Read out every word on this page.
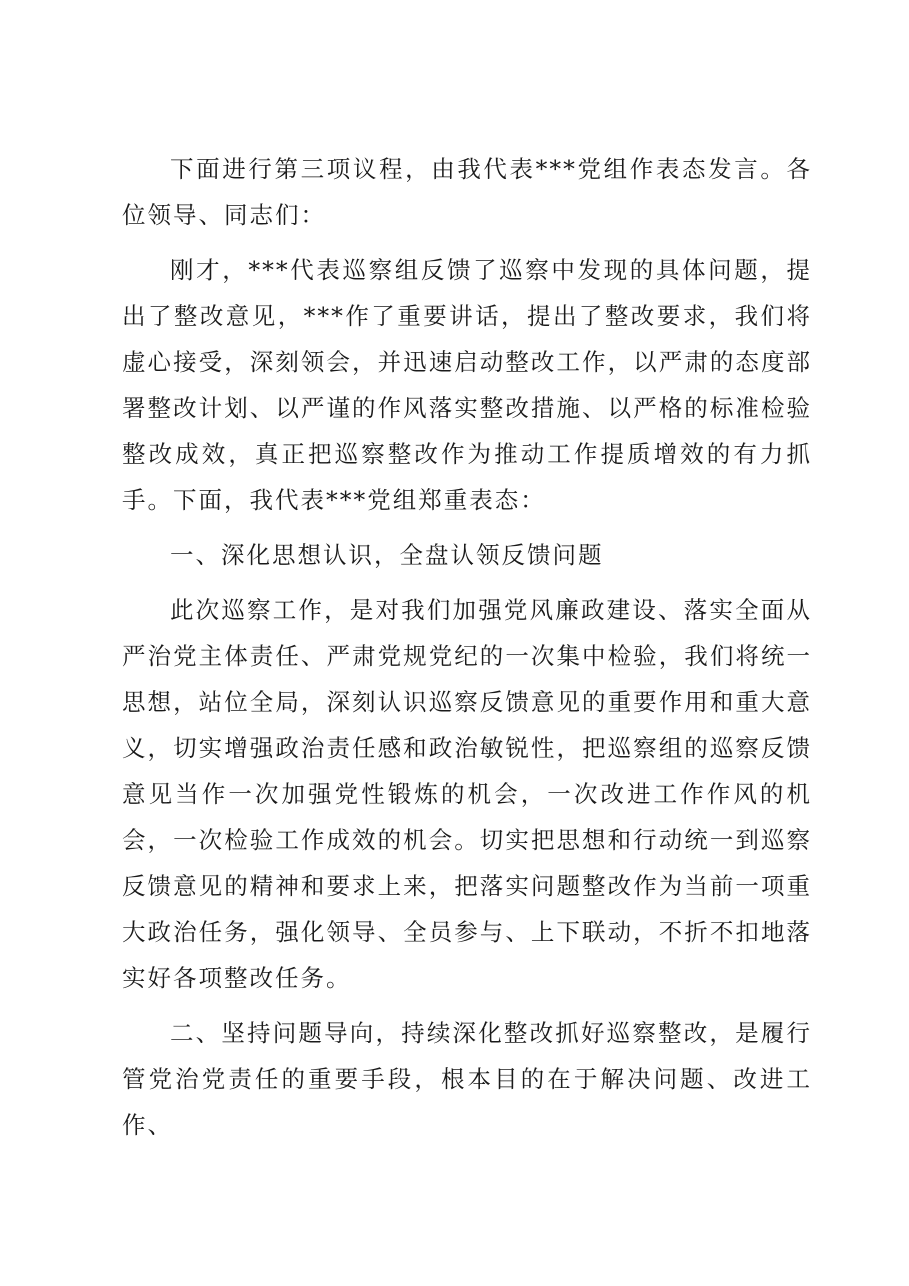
下面进行第三项议程，由我代表***党组作表态发言。各位领导、同志们：

刚才，***代表巡察组反馈了巡察中发现的具体问题，提出了整改意见，***作了重要讲话，提出了整改要求，我们将虚心接受，深刻领会，并迅速启动整改工作，以严肃的态度部署整改计划、以严谨的作风落实整改措施、以严格的标准检验整改成效，真正把巡察整改作为推动工作提质增效的有力抓手。下面，我代表***党组郑重表态：

一、深化思想认识，全盘认领反馈问题

此次巡察工作，是对我们加强党风廉政建设、落实全面从严治党主体责任、严肃党规党纪的一次集中检验，我们将统一思想，站位全局，深刻认识巡察反馈意见的重要作用和重大意义，切实增强政治责任感和政治敏锐性，把巡察组的巡察反馈意见当作一次加强党性锻炼的机会，一次改进工作作风的机会，一次检验工作成效的机会。切实把思想和行动统一到巡察反馈意见的精神和要求上来，把落实问题整改作为当前一项重大政治任务，强化领导、全员参与、上下联动，不折不扣地落实好各项整改任务。

二、坚持问题导向，持续深化整改抓好巡察整改，是履行管党治党责任的重要手段，根本目的在于解决问题、改进工作、
